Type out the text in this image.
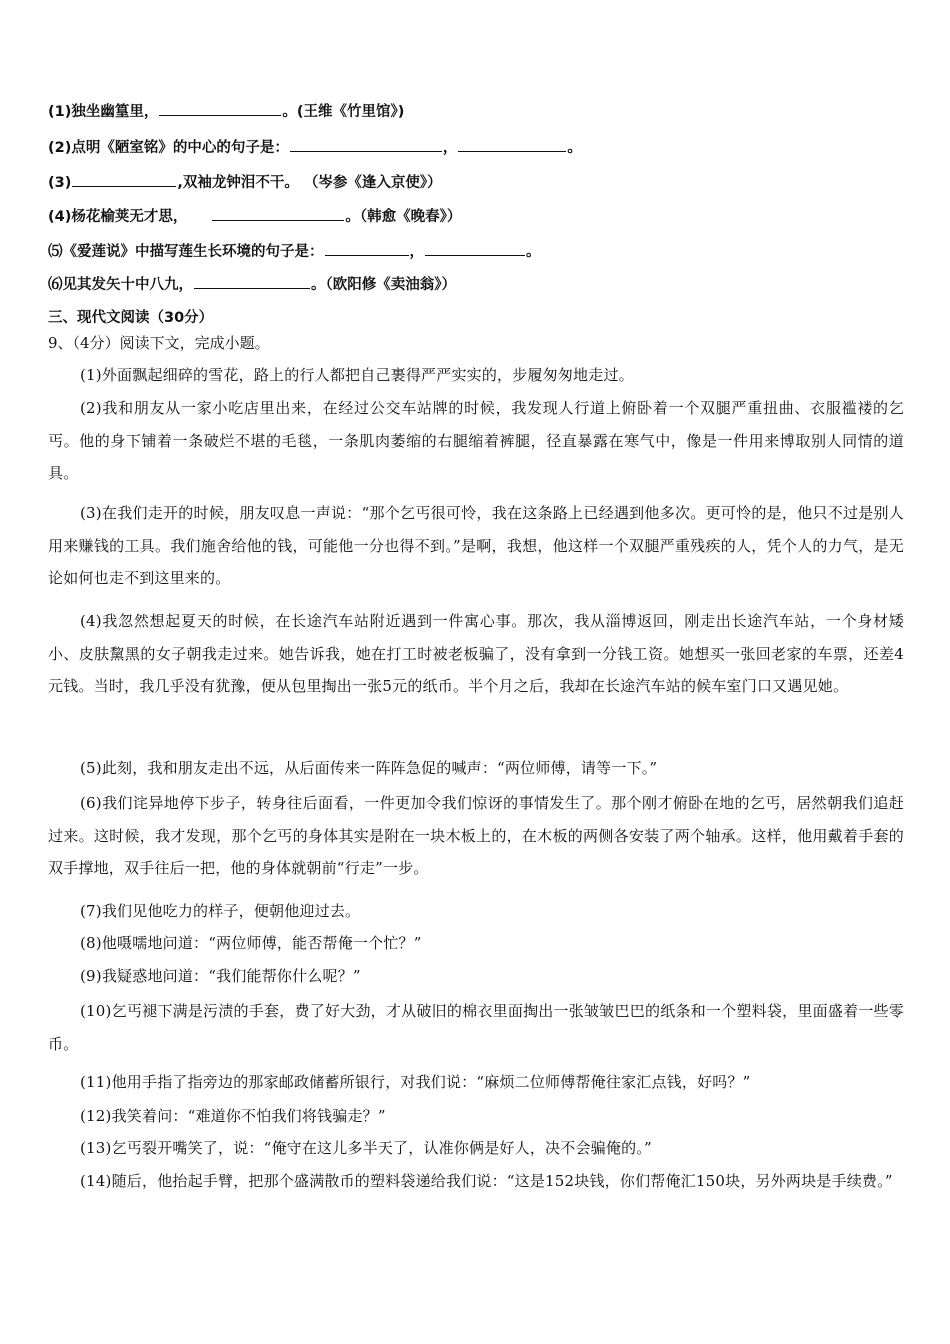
(1)独坐幽篁里，	。(王维《竹里馆》)
(2)点明《陋室铭》的中心的句子是：	，	。
(3)	,双袖龙钟泪不干。 （岑参《逢入京使》）
(4)杨花榆荚无才思，	。（韩愈《晚春》）
⑸《爱莲说》中描写莲生长环境的句子是：	，	。
⑹见其发矢十中八九，	。（欧阳修《卖油翁》）
三、现代文阅读（30分）
9、（4分）阅读下文，完成小题。
(1)外面飘起细碎的雪花，路上的行人都把自己裹得严严实实的，步履匆匆地走过。
(2)我和朋友从一家小吃店里出来，在经过公交车站牌的时候，我发现人行道上俯卧着一个双腿严重扭曲、衣服褴褛的乞丐。他的身下铺着一条破烂不堪的毛毯，一条肌肉萎缩的右腿缩着裤腿，径直暴露在寒气中，像是一件用来博取别人同情的道具。
(3)在我们走开的时候，朋友叹息一声说：“那个乞丐很可怜，我在这条路上已经遇到他多次。更可怜的是，他只不过是别人用来赚钱的工具。我们施舍给他的钱，可能他一分也得不到。”是啊，我想，他这样一个双腿严重残疾的人，凭个人的力气，是无论如何也走不到这里来的。
(4)我忽然想起夏天的时候，在长途汽车站附近遇到一件寓心事。那次，我从淄博返回，刚走出长途汽车站，一个身材矮小、皮肤黧黑的女子朝我走过来。她告诉我，她在打工时被老板骗了，没有拿到一分钱工资。她想买一张回老家的车票，还差4元钱。当时，我几乎没有犹豫，便从包里掏出一张5元的纸币。半个月之后，我却在长途汽车站的候车室门口又遇见她。
(5)此刻，我和朋友走出不远，从后面传来一阵阵急促的喊声：“两位师傅，请等一下。”
(6)我们诧异地停下步子，转身往后面看，一件更加令我们惊讶的事情发生了。那个刚才俯卧在地的乞丐，居然朝我们追赶过来。这时候，我才发现，那个乞丐的身体其实是附在一块木板上的，在木板的两侧各安装了两个轴承。这样，他用戴着手套的双手撑地，双手往后一把，他的身体就朝前“行走”一步。
(7)我们见他吃力的样子，便朝他迎过去。
(8)他嗫嚅地问道：“两位师傅，能否帮俺一个忙？”
(9)我疑惑地问道：“我们能帮你什么呢？”
(10)乞丐褪下满是污渍的手套，费了好大劲，才从破旧的棉衣里面掏出一张皱皱巴巴的纸条和一个塑料袋，里面盛着一些零币。
(11)他用手指了指旁边的那家邮政储蓄所银行，对我们说：“麻烦二位师傅帮俺往家汇点钱，好吗？”
(12)我笑着问：“难道你不怕我们将钱骗走？”
(13)乞丐裂开嘴笑了，说：“俺守在这儿多半天了，认准你俩是好人，决不会骗俺的。”
(14)随后，他抬起手臂，把那个盛满散币的塑料袋递给我们说：“这是152块钱，你们帮俺汇150块，另外两块是手续费。”
